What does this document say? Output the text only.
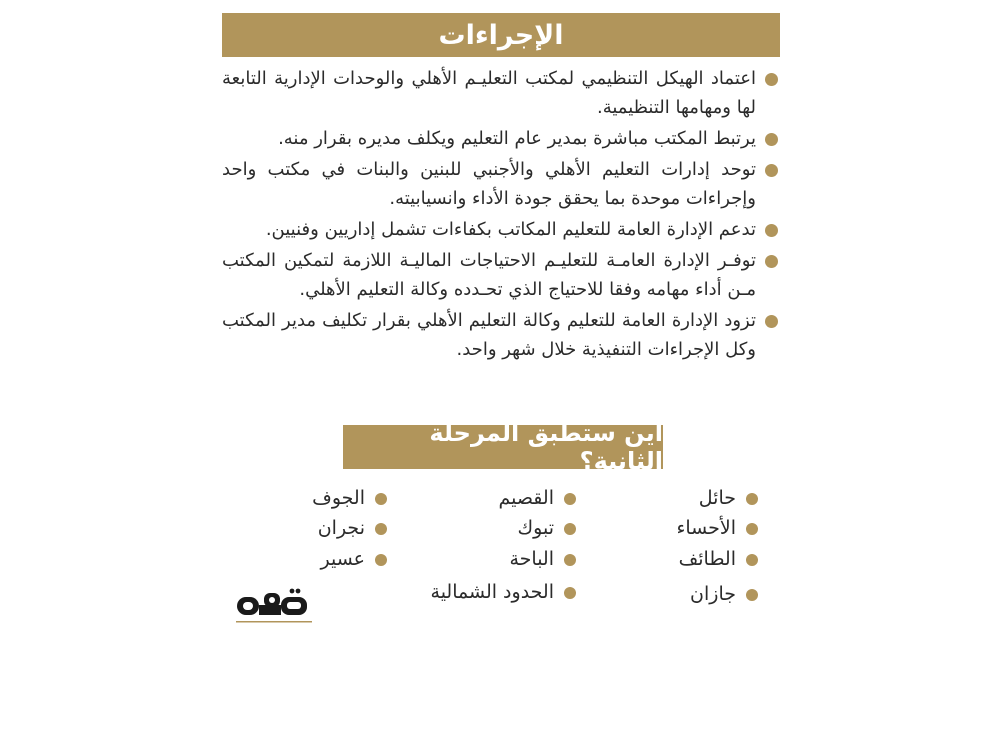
الإجراءات

اعتماد الهيكل التنظيمي لمكتب التعليـم الأهلي والوحدات الإدارية التابعة لها ومهامها التنظيمية.

يرتبط المكتب مباشرة بمدير عام التعليم ويكلف مديره بقرار منه.

توحد إدارات التعليم الأهلي والأجنبي للبنين والبنات في مكتب واحد وإجراءات موحدة بما يحقق جودة الأداء وانسيابيته.

تدعم الإدارة العامة للتعليم المكاتب بكفاءات تشمل إداريين وفنيين.

توفـر الإدارة العامـة للتعليـم الاحتياجات الماليـة اللازمة لتمكين المكتب مـن أداء مهامه وفقا للاحتياج الذي تحـدده وكالة التعليم الأهلي.

تزود الإدارة العامة للتعليم وكالة التعليم الأهلي بقرار تكليف مدير المكتب وكل الإجراءات التنفيذية خلال شهر واحد.

أين ستطبق المرحلة الثانية؟
حائل
الأحساء
الطائف
جازان
القصيم
تبوك
الباحة
الحدود الشمالية
الجوف
نجران
عسير
